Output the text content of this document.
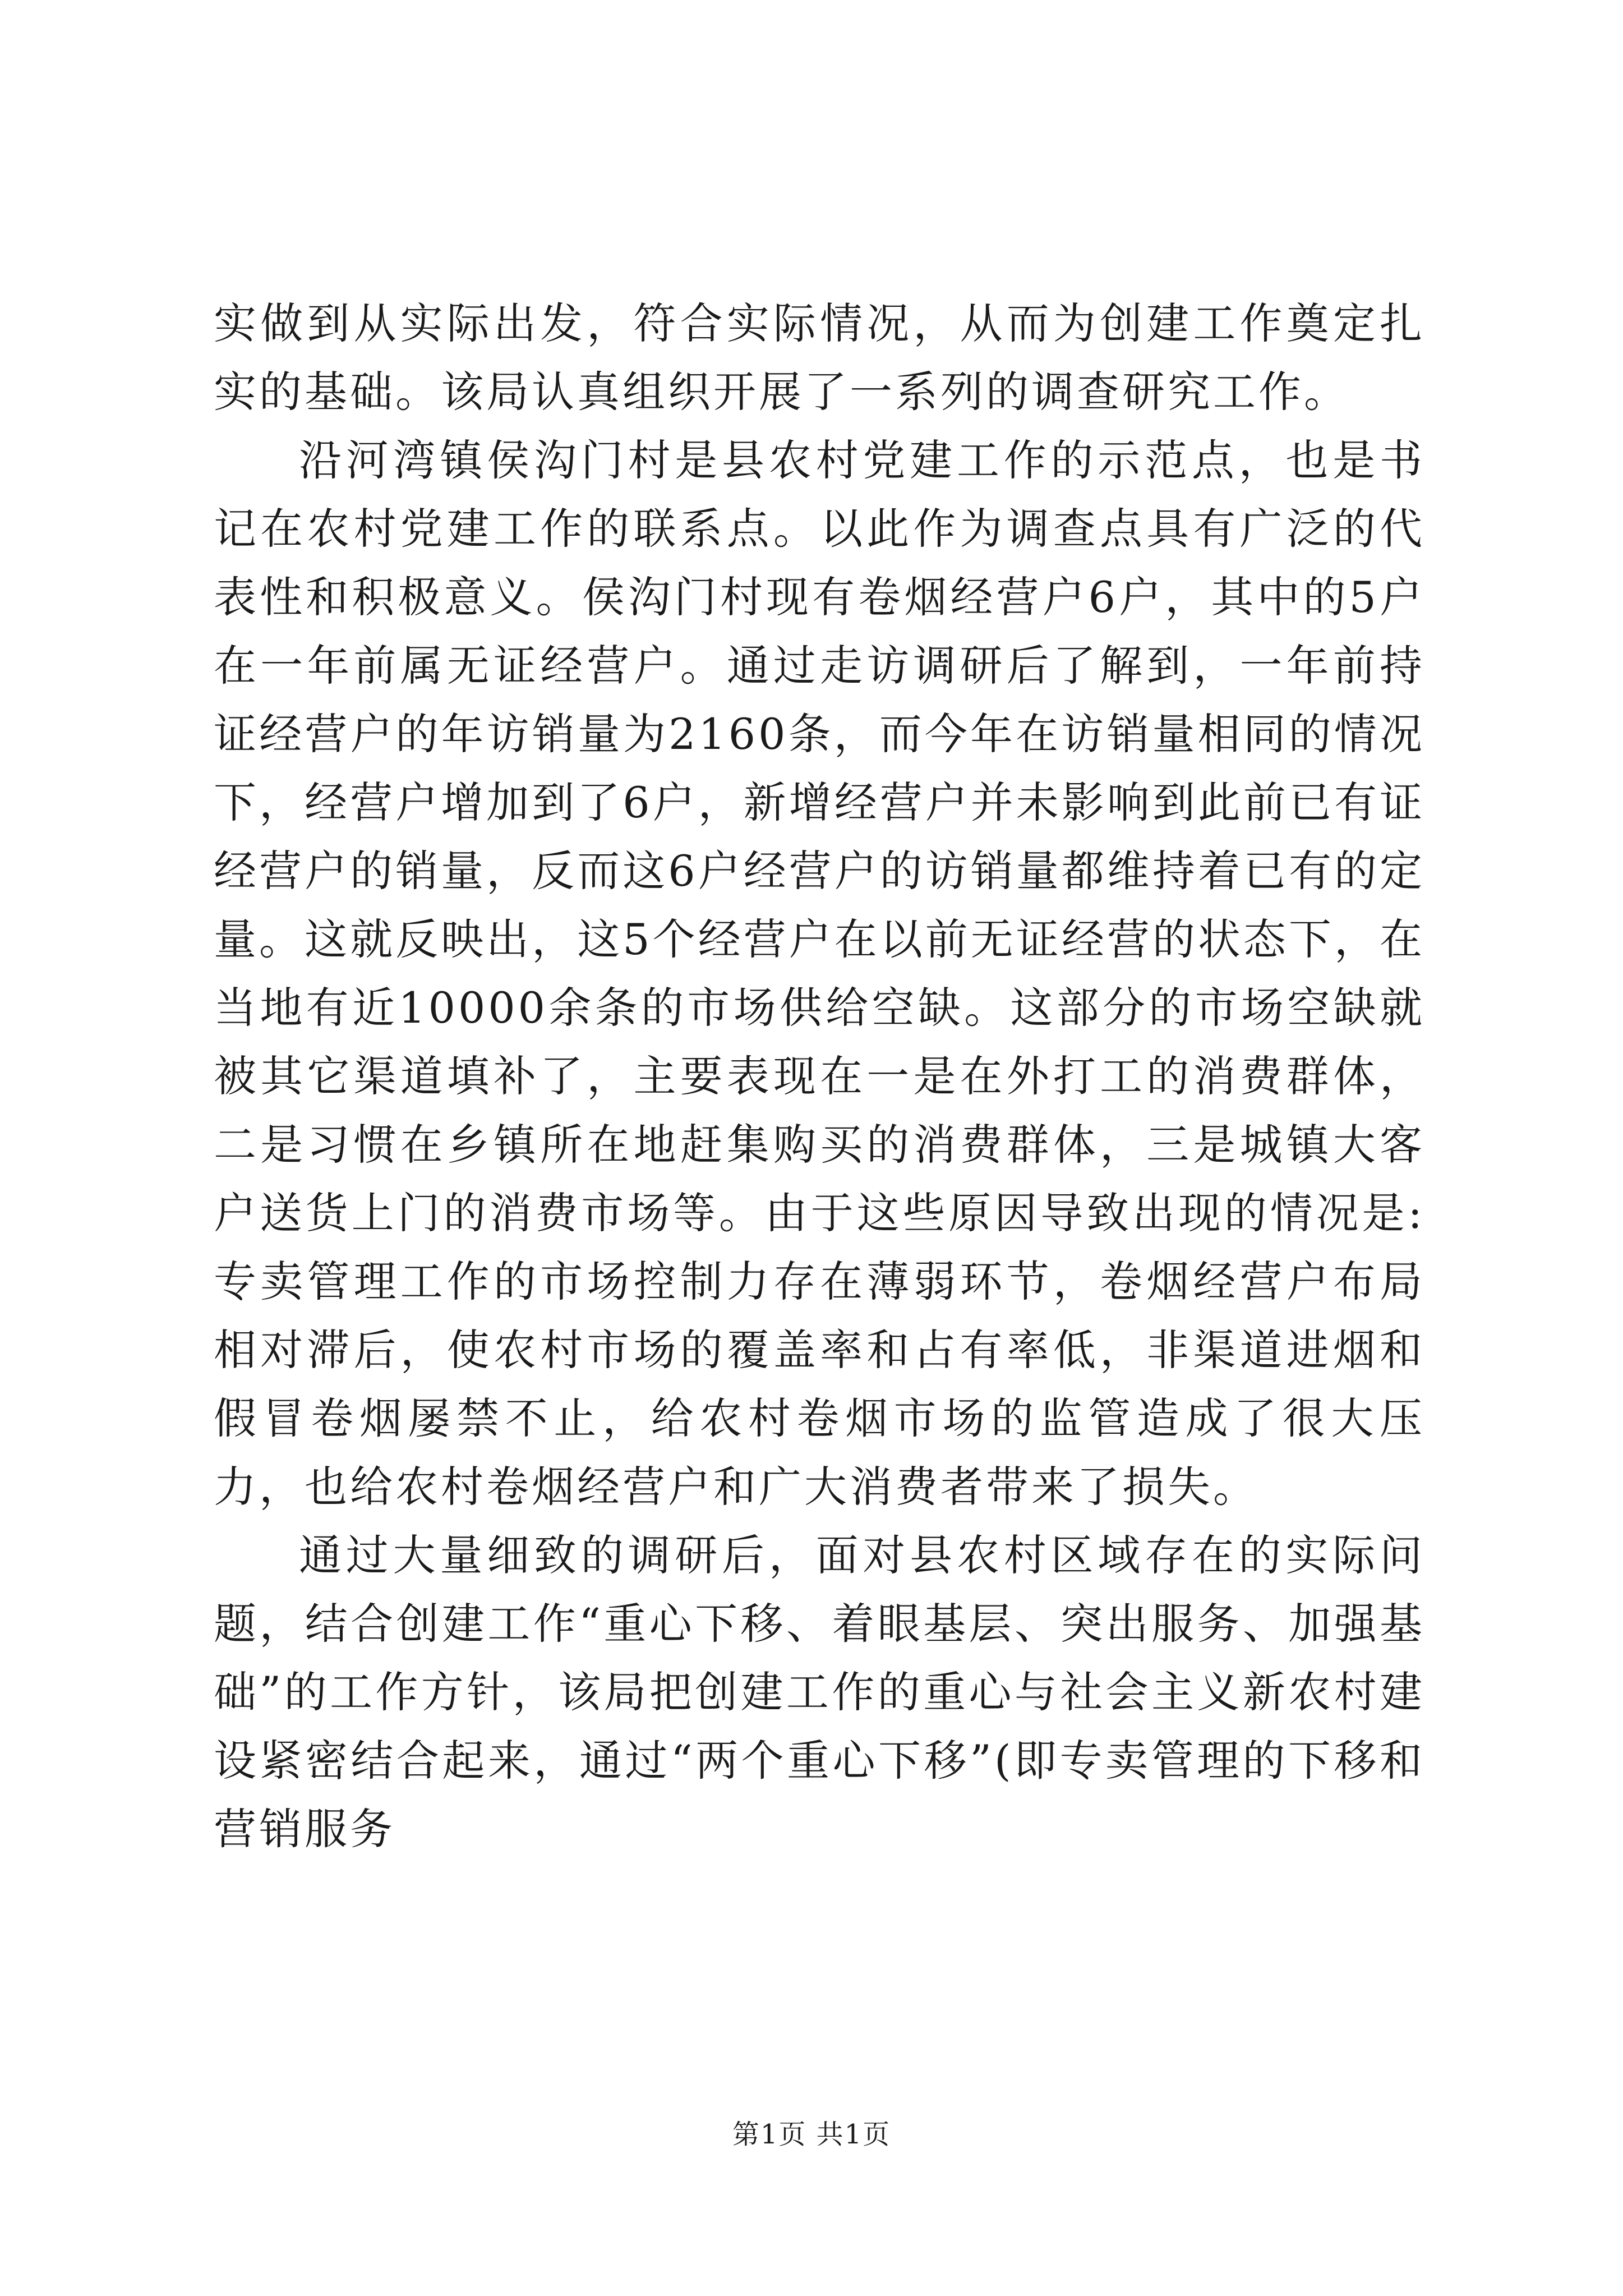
实做到从实际出发，符合实际情况，从而为创建工作奠定扎实的基础。该局认真组织开展了一系列的调查研究工作。

沿河湾镇侯沟门村是县农村党建工作的示范点，也是书记在农村党建工作的联系点。以此作为调查点具有广泛的代表性和积极意义。侯沟门村现有卷烟经营户6户，其中的5户在一年前属无证经营户。通过走访调研后了解到，一年前持证经营户的年访销量为2160条，而今年在访销量相同的情况下，经营户增加到了6户，新增经营户并未影响到此前已有证经营户的销量，反而这6户经营户的访销量都维持着已有的定量。这就反映出，这5个经营户在以前无证经营的状态下，在当地有近10000余条的市场供给空缺。这部分的市场空缺就被其它渠道填补了，主要表现在一是在外打工的消费群体，二是习惯在乡镇所在地赶集购买的消费群体，三是城镇大客户送货上门的消费市场等。由于这些原因导致出现的情况是:专卖管理工作的市场控制力存在薄弱环节，卷烟经营户布局相对滞后，使农村市场的覆盖率和占有率低，非渠道进烟和假冒卷烟屡禁不止，给农村卷烟市场的监管造成了很大压力，也给农村卷烟经营户和广大消费者带来了损失。

通过大量细致的调研后，面对县农村区域存在的实际问题，结合创建工作“重心下移、着眼基层、突出服务、加强基础”的工作方针，该局把创建工作的重心与社会主义新农村建设紧密结合起来，通过“两个重心下移”(即专卖管理的下移和营销服务

第1页 共1页
